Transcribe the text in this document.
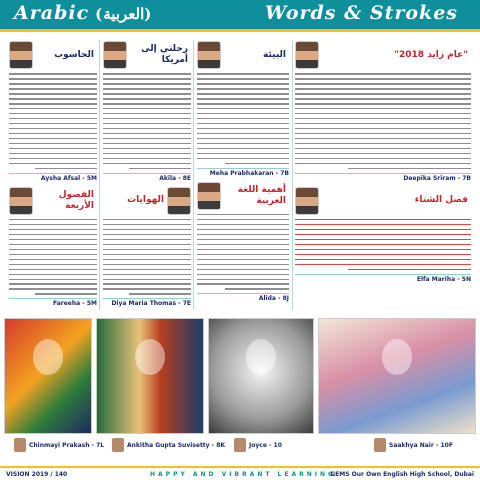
Arabic (العربية)	Words & Strokes
الحاسوب
Aysha Afsal - 5M
الفصول الأربعة
Fareeha - 5M
رحلتي إلى أمريكا
Akila - 8E
الهوايات
Diya Maria Thomas - 7E
البيئة
Meha Prabhakaran - 7B
أهمية اللغة العربية
Alida - 8J
"عام زايد 2018"
Deepika Sriram - 7B
فصل الشتاء
Elfa Mariha - 5N
Chinmayi Prakash - 7L	Ankitha Gupta Suvisetty - 8K	Joyce - 10	Saakhya Nair - 10F
VISION 2019 / 140	HAPPY AND VIBRANT LEARNING
GEMS Our Own English High School, Dubai
